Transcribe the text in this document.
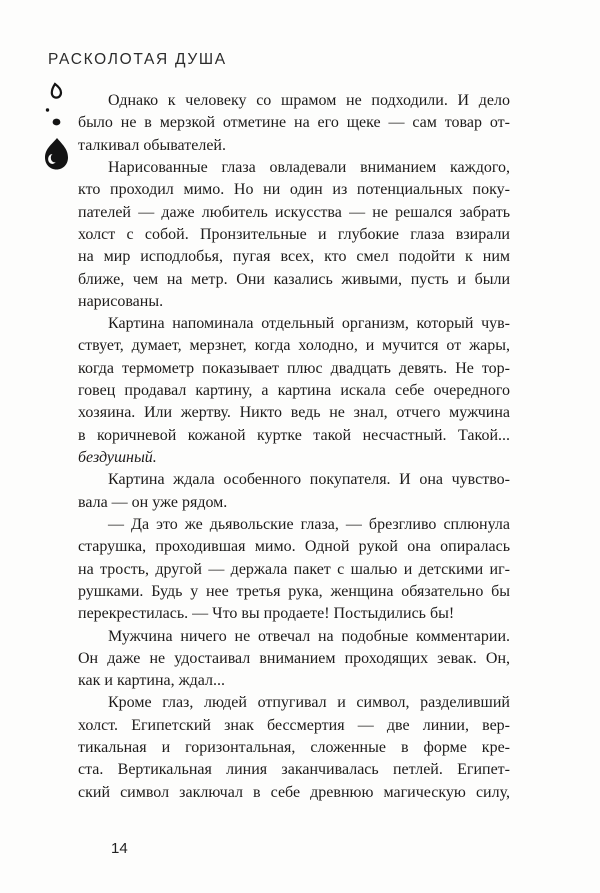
РАСКОЛОТАЯ ДУША
Однако к человеку со шрамом не подходили. И дело
было не в мерзкой отметине на его щеке — сам товар от-
талкивал обывателей.
Нарисованные глаза овладевали вниманием каждого,
кто проходил мимо. Но ни один из потенциальных поку-
пателей — даже любитель искусства — не решался забрать
холст с собой. Пронзительные и глубокие глаза взирали
на мир исподлобья, пугая всех, кто смел подойти к ним
ближе, чем на метр. Они казались живыми, пусть и были
нарисованы.
Картина напоминала отдельный организм, который чув-
ствует, думает, мерзнет, когда холодно, и мучится от жары,
когда термометр показывает плюс двадцать девять. Не тор-
говец продавал картину, а картина искала себе очередного
хозяина. Или жертву. Никто ведь не знал, отчего мужчина
в коричневой кожаной куртке такой несчастный. Такой...
бездушный.
Картина ждала особенного покупателя. И она чувство-
вала — он уже рядом.
— Да это же дьявольские глаза, — брезгливо сплюнула
старушка, проходившая мимо. Одной рукой она опиралась
на трость, другой — держала пакет с шалью и детскими иг-
рушками. Будь у нее третья рука, женщина обязательно бы
перекрестилась. — Что вы продаете! Постыдились бы!
Мужчина ничего не отвечал на подобные комментарии.
Он даже не удостаивал вниманием проходящих зевак. Он,
как и картина, ждал...
Кроме глаз, людей отпугивал и символ, разделивший
холст. Египетский знак бессмертия — две линии, вер-
тикальная и горизонтальная, сложенные в форме кре-
ста. Вертикальная линия заканчивалась петлей. Египет-
ский символ заключал в себе древнюю магическую силу,
14
